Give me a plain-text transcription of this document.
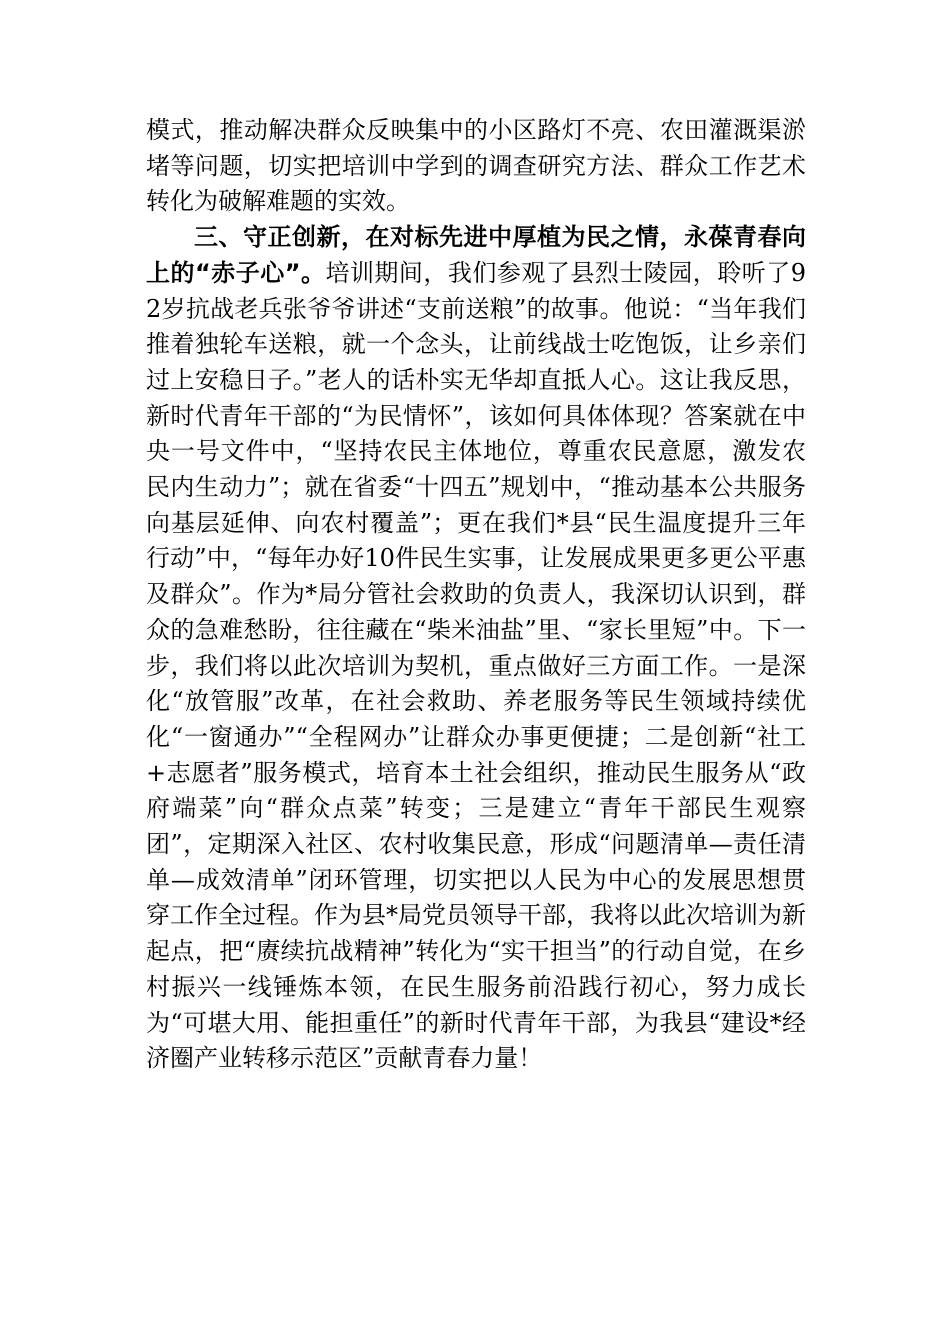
模式，推动解决群众反映集中的小区路灯不亮、农田灌溉渠淤堵等问题，切实把培训中学到的调查研究方法、群众工作艺术转化为破解难题的实效。

三、守正创新，在对标先进中厚植为民之情，永葆青春向上的“赤子心”。培训期间，我们参观了县烈士陵园，聆听了92岁抗战老兵张爷爷讲述“支前送粮”的故事。他说：“当年我们推着独轮车送粮，就一个念头，让前线战士吃饱饭，让乡亲们过上安稳日子。”老人的话朴实无华却直抵人心。这让我反思，新时代青年干部的“为民情怀”，该如何具体体现？答案就在中央一号文件中，“坚持农民主体地位，尊重农民意愿，激发农民内生动力”；就在省委“十四五”规划中，“推动基本公共服务向基层延伸、向农村覆盖”；更在我们*县“民生温度提升三年行动”中，“每年办好10件民生实事，让发展成果更多更公平惠及群众”。作为*局分管社会救助的负责人，我深切认识到，群众的急难愁盼，往往藏在“柴米油盐”里、“家长里短”中。下一步，我们将以此次培训为契机，重点做好三方面工作。一是深化“放管服”改革，在社会救助、养老服务等民生领域持续优化“一窗通办”“全程网办”让群众办事更便捷；二是创新“社工+志愿者”服务模式，培育本土社会组织，推动民生服务从“政府端菜”向“群众点菜”转变；三是建立“青年干部民生观察团”，定期深入社区、农村收集民意，形成“问题清单—责任清单—成效清单”闭环管理，切实把以人民为中心的发展思想贯穿工作全过程。作为县*局党员领导干部，我将以此次培训为新起点，把“赓续抗战精神”转化为“实干担当”的行动自觉，在乡村振兴一线锤炼本领，在民生服务前沿践行初心，努力成长为“可堪大用、能担重任”的新时代青年干部，为我县“建设*经济圈产业转移示范区”贡献青春力量！
